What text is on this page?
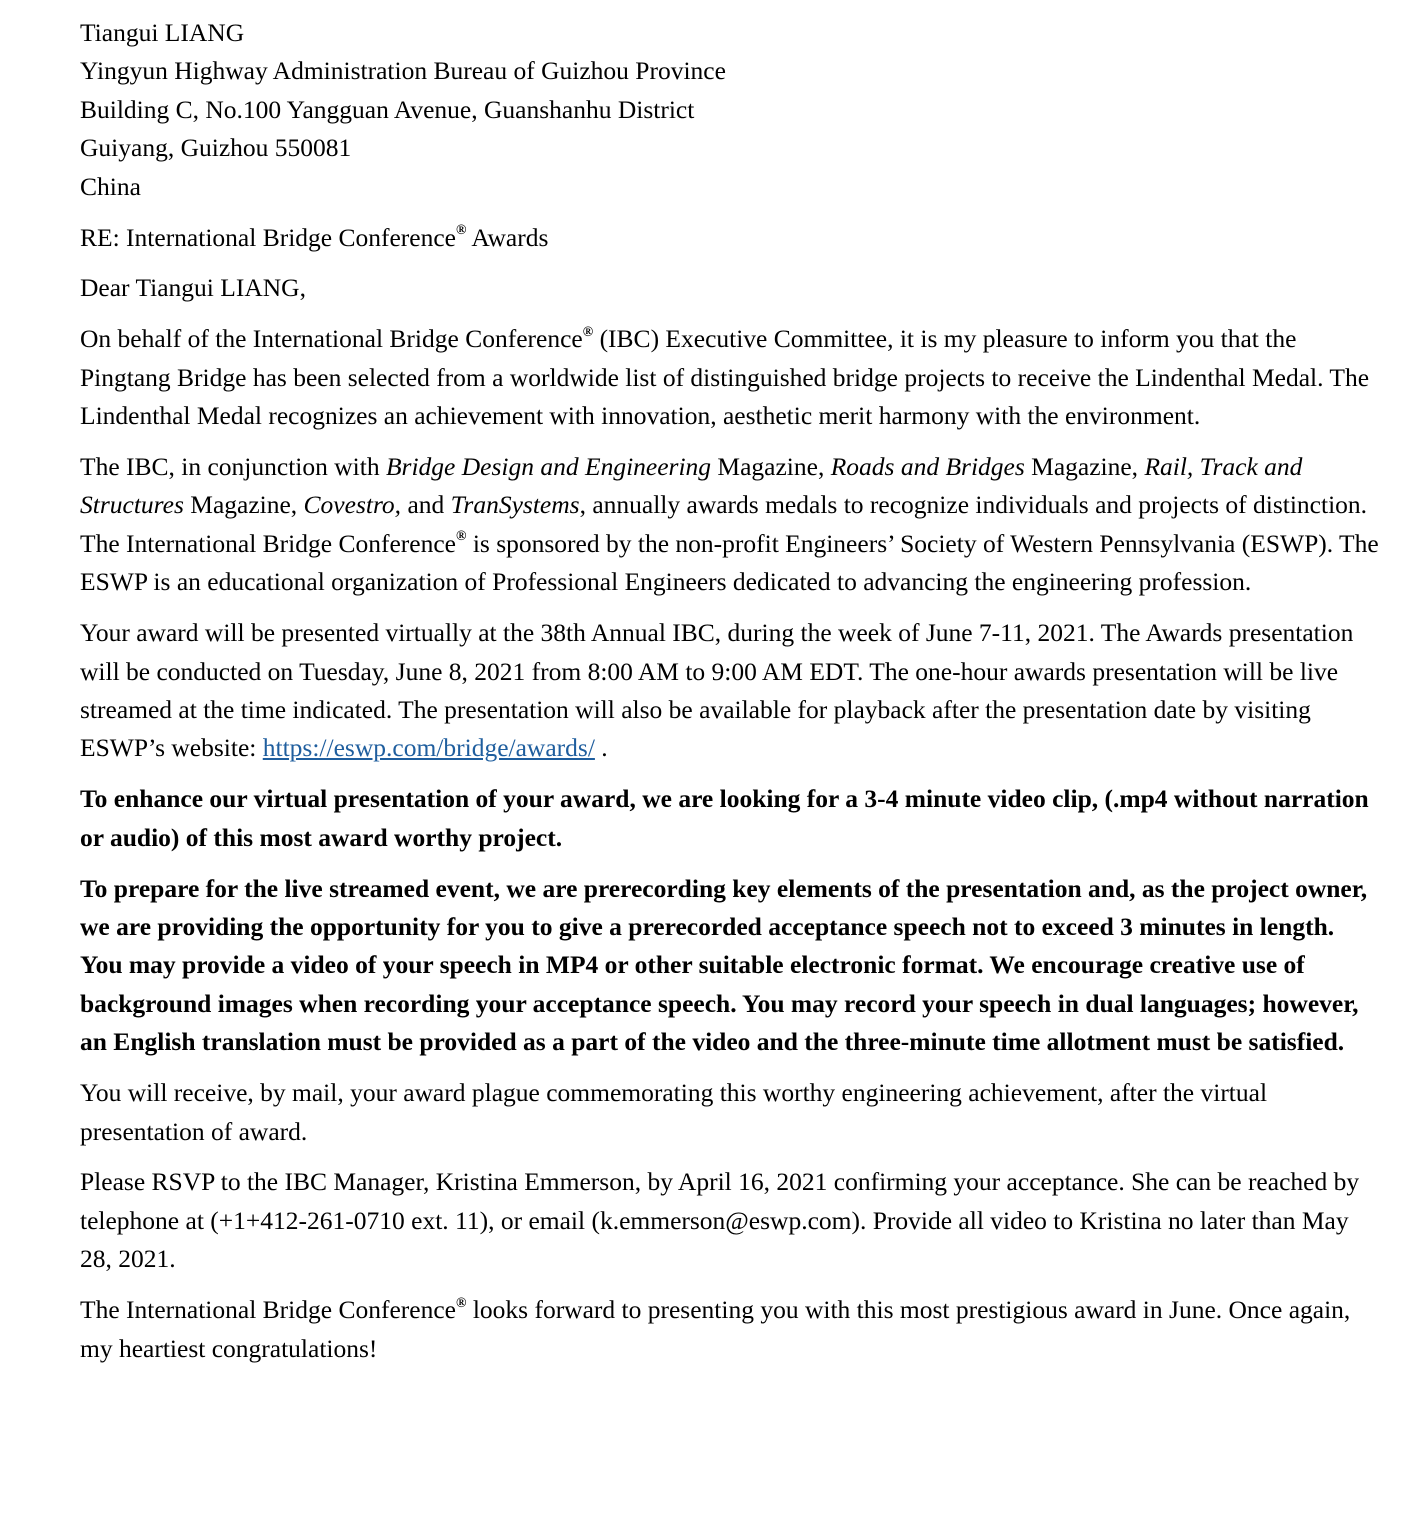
Tiangui LIANG
Yingyun Highway Administration Bureau of Guizhou Province
Building C, No.100 Yangguan Avenue, Guanshanhu District
Guiyang, Guizhou 550081
China

RE: International Bridge Conference® Awards

Dear Tiangui LIANG,

On behalf of the International Bridge Conference® (IBC) Executive Committee, it is my pleasure to inform you that the Pingtang Bridge has been selected from a worldwide list of distinguished bridge projects to receive the Lindenthal Medal. The Lindenthal Medal recognizes an achievement with innovation, aesthetic merit harmony with the environment.

The IBC, in conjunction with Bridge Design and Engineering Magazine, Roads and Bridges Magazine, Rail, Track and Structures Magazine, Covestro, and TranSystems, annually awards medals to recognize individuals and projects of distinction. The International Bridge Conference® is sponsored by the non-profit Engineers’ Society of Western Pennsylvania (ESWP). The ESWP is an educational organization of Professional Engineers dedicated to advancing the engineering profession.

Your award will be presented virtually at the 38th Annual IBC, during the week of June 7-11, 2021. The Awards presentation will be conducted on Tuesday, June 8, 2021 from 8:00 AM to 9:00 AM EDT. The one-hour awards presentation will be live streamed at the time indicated. The presentation will also be available for playback after the presentation date by visiting ESWP’s website: https://eswp.com/bridge/awards/ .

To enhance our virtual presentation of your award, we are looking for a 3-4 minute video clip, (.mp4 without narration or audio) of this most award worthy project.

To prepare for the live streamed event, we are prerecording key elements of the presentation and, as the project owner, we are providing the opportunity for you to give a prerecorded acceptance speech not to exceed 3 minutes in length. You may provide a video of your speech in MP4 or other suitable electronic format. We encourage creative use of background images when recording your acceptance speech. You may record your speech in dual languages; however, an English translation must be provided as a part of the video and the three-minute time allotment must be satisfied.

You will receive, by mail, your award plague commemorating this worthy engineering achievement, after the virtual presentation of award.

Please RSVP to the IBC Manager, Kristina Emmerson, by April 16, 2021 confirming your acceptance. She can be reached by telephone at (+1+412-261-0710 ext. 11), or email (k.emmerson@eswp.com). Provide all video to Kristina no later than May 28, 2021.

The International Bridge Conference® looks forward to presenting you with this most prestigious award in June. Once again, my heartiest congratulations!
